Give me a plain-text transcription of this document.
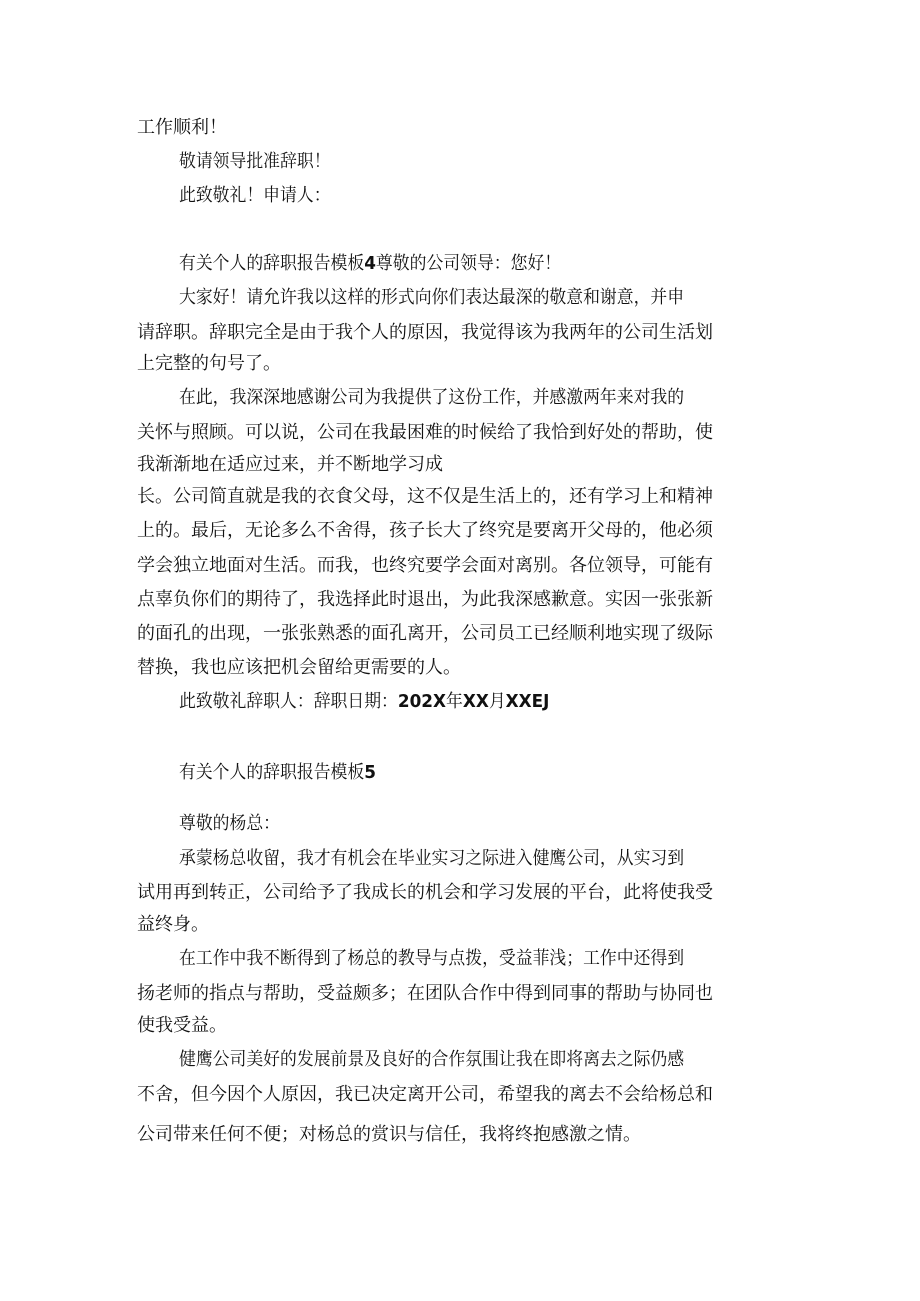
工作顺利！
敬请领导批准辞职！
此致敬礼！申请人：
有关个人的辞职报告模板4尊敬的公司领导：您好！
大家好！请允许我以这样的形式向你们表达最深的敬意和谢意，并申
请辞职。辞职完全是由于我个人的原因，我觉得该为我两年的公司生活划
上完整的句号了。
在此，我深深地感谢公司为我提供了这份工作，并感激两年来对我的
关怀与照顾。可以说，公司在我最困难的时候给了我恰到好处的帮助，使
我渐渐地在适应过来，并不断地学习成
长。公司简直就是我的衣食父母，这不仅是生活上的，还有学习上和精神
上的。最后，无论多么不舍得，孩子长大了终究是要离开父母的，他必须
学会独立地面对生活。而我，也终究要学会面对离别。各位领导，可能有
点辜负你们的期待了，我选择此时退出，为此我深感歉意。实因一张张新
的面孔的出现，一张张熟悉的面孔离开，公司员工已经顺利地实现了级际
替换，我也应该把机会留给更需要的人。
此致敬礼辞职人：辞职日期：202X年XX月XXEJ
有关个人的辞职报告模板5
尊敬的杨总：
承蒙杨总收留，我才有机会在毕业实习之际进入健鹰公司，从实习到
试用再到转正，公司给予了我成长的机会和学习发展的平台，此将使我受
益终身。
在工作中我不断得到了杨总的教导与点拨，受益菲浅；工作中还得到
扬老师的指点与帮助，受益颇多；在团队合作中得到同事的帮助与协同也
使我受益。
健鹰公司美好的发展前景及良好的合作氛围让我在即将离去之际仍感
不舍，但今因个人原因，我已决定离开公司，希望我的离去不会给杨总和
公司带来任何不便；对杨总的赏识与信任，我将终抱感激之情。
